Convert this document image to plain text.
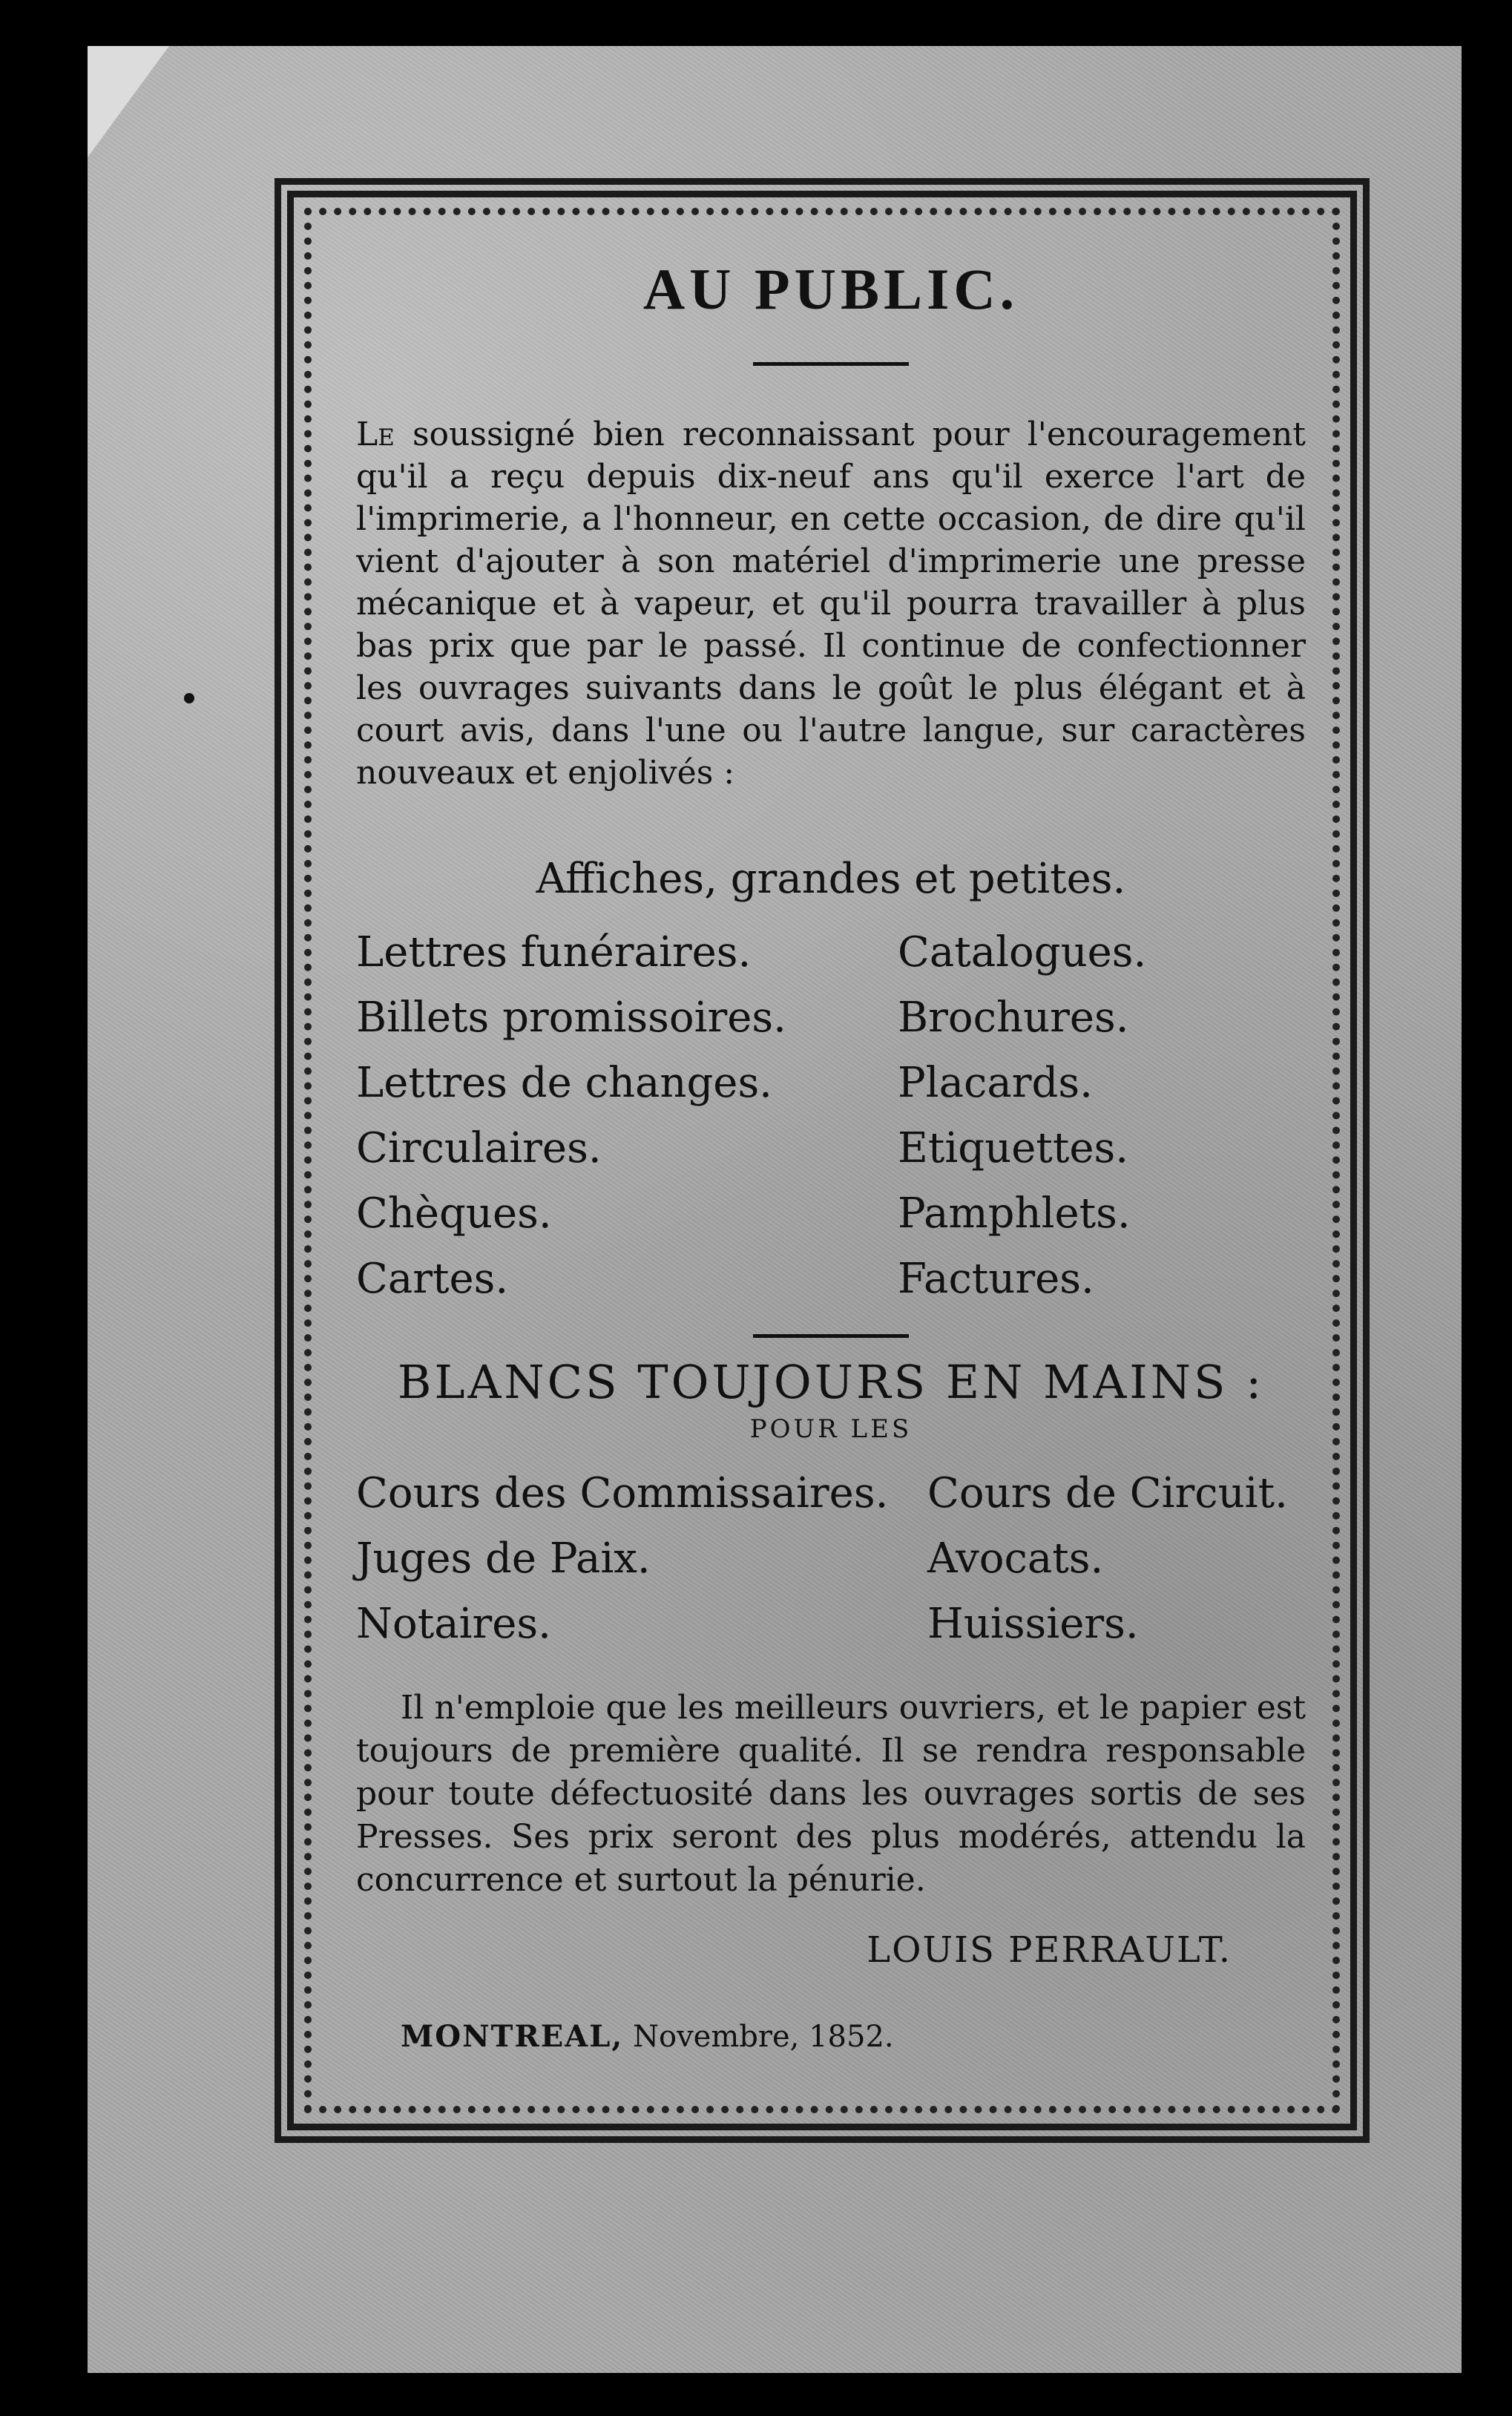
AU PUBLIC.

Le soussigné bien reconnaissant pour l'encouragement qu'il a reçu depuis dix-neuf ans qu'il exerce l'art de l'imprimerie, a l'honneur, en cette occasion, de dire qu'il vient d'ajouter à son matériel d'imprimerie une presse mécanique et à vapeur, et qu'il pourra travailler à plus bas prix que par le passé. Il continue de confectionner les ouvrages suivants dans le goût le plus élégant et à court avis, dans l'une ou l'autre langue, sur caractères nouveaux et enjolivés :

Affiches, grandes et petites.
Lettres funéraires.	Catalogues.
Billets promissoires.	Brochures.
Lettres de changes.	Placards.
Circulaires.	Etiquettes.
Chèques.	Pamphlets.
Cartes.	Factures.

BLANCS TOUJOURS EN MAINS :

POUR LES

Cours des Commissaires. Cours de Circuit.
Juges de Paix.	Avocats.
Notaires.	Huissiers.

Il n'emploie que les meilleurs ouvriers, et le papier est toujours de première qualité. Il se rendra responsable pour toute défectuosité dans les ouvrages sortis de ses Presses. Ses prix seront des plus modérés, attendu la concurrence et surtout la pénurie.

LOUIS PERRAULT.
MONTREAL, Novembre, 1852.
